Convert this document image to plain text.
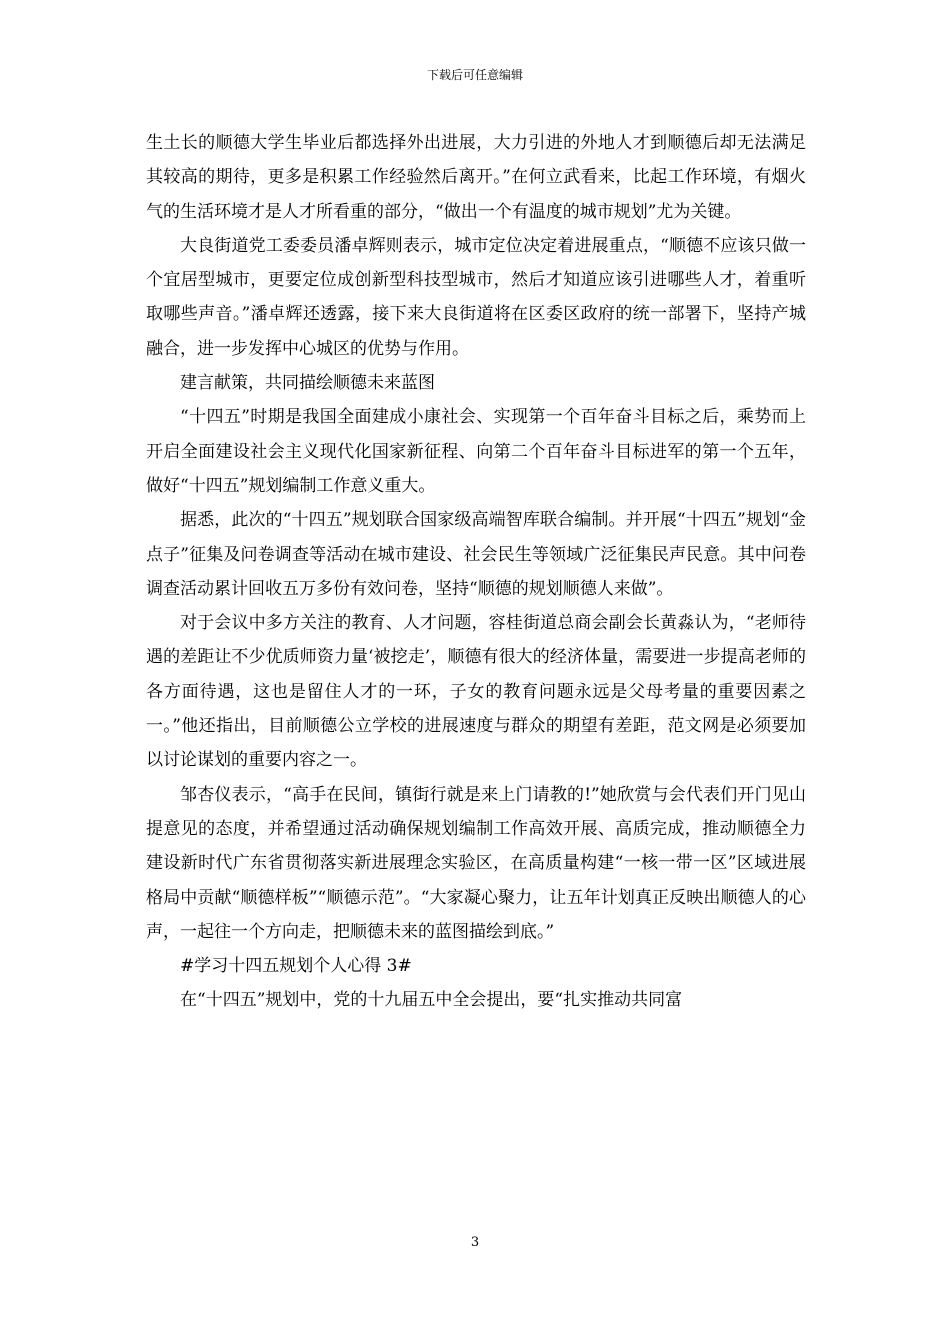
下载后可任意编辑

生土长的顺德大学生毕业后都选择外出进展，大力引进的外地人才到顺德后却无法满足其较高的期待，更多是积累工作经验然后离开。”在何立武看来，比起工作环境，有烟火气的生活环境才是人才所看重的部分，“做出一个有温度的城市规划”尤为关键。

大良街道党工委委员潘卓辉则表示，城市定位决定着进展重点，“顺德不应该只做一个宜居型城市，更要定位成创新型科技型城市，然后才知道应该引进哪些人才，着重听取哪些声音。”潘卓辉还透露，接下来大良街道将在区委区政府的统一部署下，坚持产城融合，进一步发挥中心城区的优势与作用。

建言献策，共同描绘顺德未来蓝图

“十四五”时期是我国全面建成小康社会、实现第一个百年奋斗目标之后，乘势而上开启全面建设社会主义现代化国家新征程、向第二个百年奋斗目标进军的第一个五年，做好“十四五”规划编制工作意义重大。

据悉，此次的“十四五”规划联合国家级高端智库联合编制。并开展“十四五”规划“金点子”征集及问卷调查等活动在城市建设、社会民生等领域广泛征集民声民意。其中问卷调查活动累计回收五万多份有效问卷，坚持“顺德的规划顺德人来做”。

对于会议中多方关注的教育、人才问题，容桂街道总商会副会长黄淼认为，“老师待遇的差距让不少优质师资力量‘被挖走’，顺德有很大的经济体量，需要进一步提高老师的各方面待遇，这也是留住人才的一环，子女的教育问题永远是父母考量的重要因素之一。”他还指出，目前顺德公立学校的进展速度与群众的期望有差距，范文网是必须要加以讨论谋划的重要内容之一。

邹杏仪表示，“高手在民间，镇街行就是来上门请教的!”她欣赏与会代表们开门见山提意见的态度，并希望通过活动确保规划编制工作高效开展、高质完成，推动顺德全力建设新时代广东省贯彻落实新进展理念实验区，在高质量构建“一核一带一区”区域进展格局中贡献“顺德样板”“顺德示范”。“大家凝心聚力，让五年计划真正反映出顺德人的心声，一起往一个方向走，把顺德未来的蓝图描绘到底。”

#学习十四五规划个人心得 3#

在“十四五”规划中，党的十九届五中全会提出，要“扎实推动共同富

3
